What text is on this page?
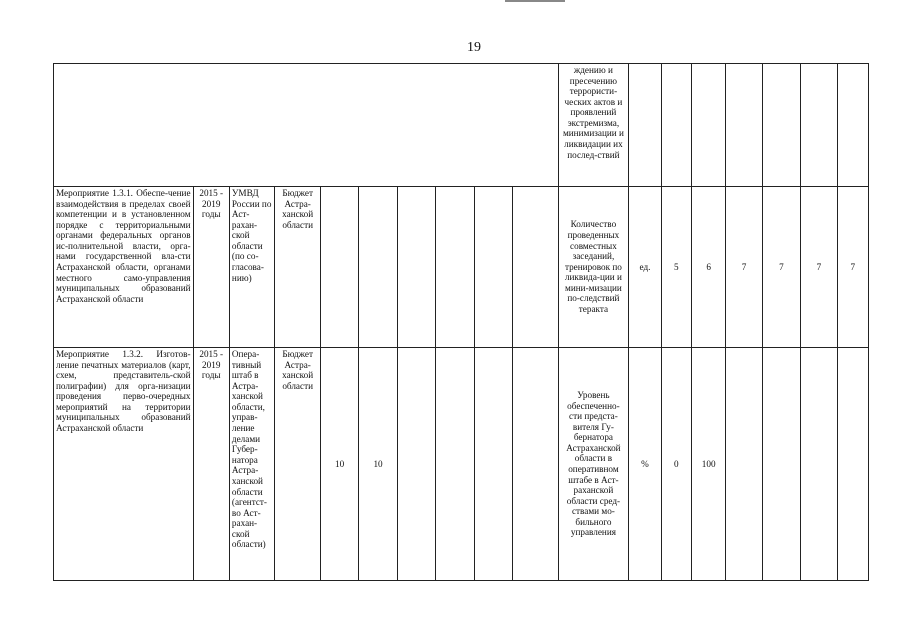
19
										ждению и пресечению террористи-ческих актов и проявлений экстремизма, минимизации и ликвидации их послед-ствий							
Мероприятие 1.3.1. Обеспе-чение взаимодействия в пределах своей компетенции и в установленном порядке с территориальными органами федеральных органов ис-полнительной власти, орга-нами государственной вла-сти Астраханской области, органами местного само-управления муниципальных образований Астраханской области	2015 - 2019 годы	УМВД России по Аст-рахан-ской области (по со-гласова-нию)	Бюджет Астра-ханской области							Количество проведенных совместных заседаний, тренировок по ликвида-ции и мини-мизации по-следствий теракта	ед.	5	6	7	7	7	7
Мероприятие 1.3.2. Изготов-ление печатных материалов (карт, схем, представитель-ской полиграфии) для орга-низации проведения перво-очередных мероприятий на территории муниципальных образований Астраханской области	2015 - 2019 годы	Опера-тивный штаб в Астра-ханской области, управ-ление делами Губер-натора Астра-ханской области (агентст-во Аст-рахан-ской области)	Бюджет Астра-ханской области	10	10					Уровень обеспеченно-сти предста-вителя Гу-бернатора Астраханской области в оперативном штабе в Аст-раханской области сред-ствами мо-бильного управления	%	0	100				
